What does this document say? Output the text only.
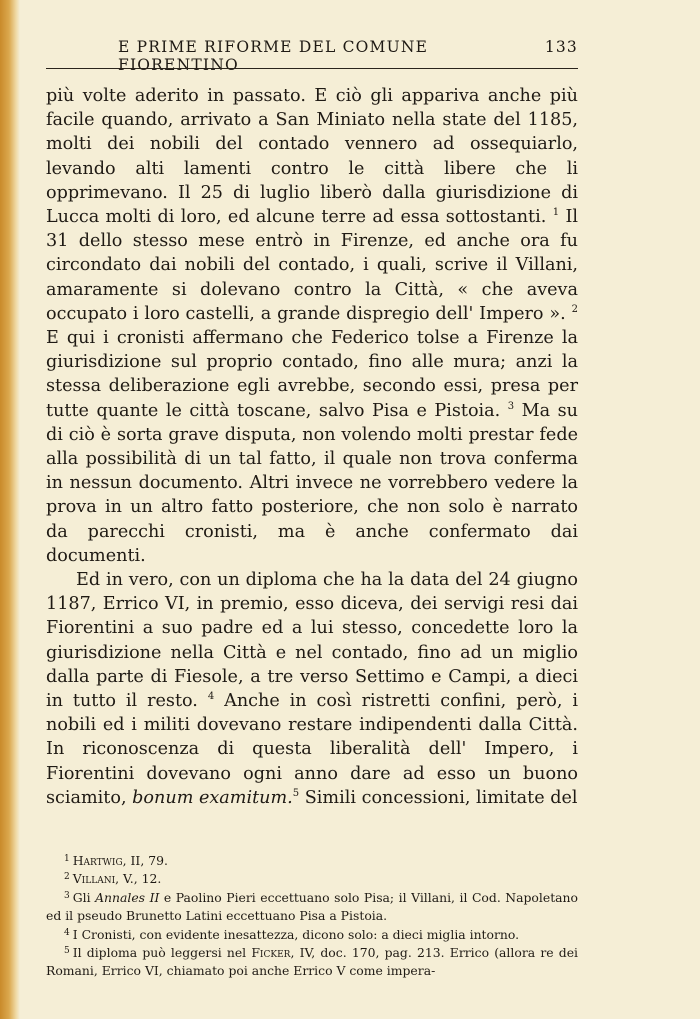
E PRIME RIFORME DEL COMUNE FIORENTINO
133

più volte aderito in passato. E ciò gli appariva anche più facile quando, arrivato a San Miniato nella state del 1185, molti dei nobili del contado vennero ad ossequiarlo, levando alti lamenti contro le città libere che li opprimevano. Il 25 di luglio liberò dalla giurisdizione di Lucca molti di loro, ed alcune terre ad essa sottostanti. $^1$ Il 31 dello stesso mese entrò in Firenze, ed anche ora fu circondato dai nobili del contado, i quali, scrive il Villani, amaramente si dolevano contro la Città, « che aveva occupato i loro castelli, a grande dispregio dell' Impero ». $^2$ E qui i cronisti affermano che Federico tolse a Firenze la giurisdizione sul proprio contado, fino alle mura; anzi la stessa deliberazione egli avrebbe, secondo essi, presa per tutte quante le città toscane, salvo Pisa e Pistoia. $^3$ Ma su di ciò è sorta grave disputa, non volendo molti prestar fede alla possibilità di un tal fatto, il quale non trova conferma in nessun documento. Altri invece ne vorrebbero vedere la prova in un altro fatto posteriore, che non solo è narrato da parecchi cronisti, ma è anche confermato dai documenti.

Ed in vero, con un diploma che ha la data del 24 giugno 1187, Errico VI, in premio, esso diceva, dei servigi resi dai Fiorentini a suo padre ed a lui stesso, concedette loro la giurisdizione nella Città e nel contado, fino ad un miglio dalla parte di Fiesole, a tre verso Settimo e Campi, a dieci in tutto il resto. $^4$ Anche in così ristretti confini, però, i nobili ed i militi dovevano restare indipendenti dalla Città. In riconoscenza di questa liberalità dell' Impero, i Fiorentini dovevano ogni anno dare ad esso un buono sciamito, bonum examitum.$^5$ Simili concessioni, limitate del

$^1$ Hartwig, II, 79.

$^2$ Villani, V., 12.

$^3$ Gli Annales II e Paolino Pieri eccettuano solo Pisa; il Villani, il Cod. Napoletano ed il pseudo Brunetto Latini eccettuano Pisa a Pistoia.

$^4$ I Cronisti, con evidente inesattezza, dicono solo: a dieci miglia intorno.

$^5$ Il diploma può leggersi nel Ficker, IV, doc. 170, pag. 213. Errico (allora re dei Romani, Errico VI, chiamato poi anche Errico V come impera-
